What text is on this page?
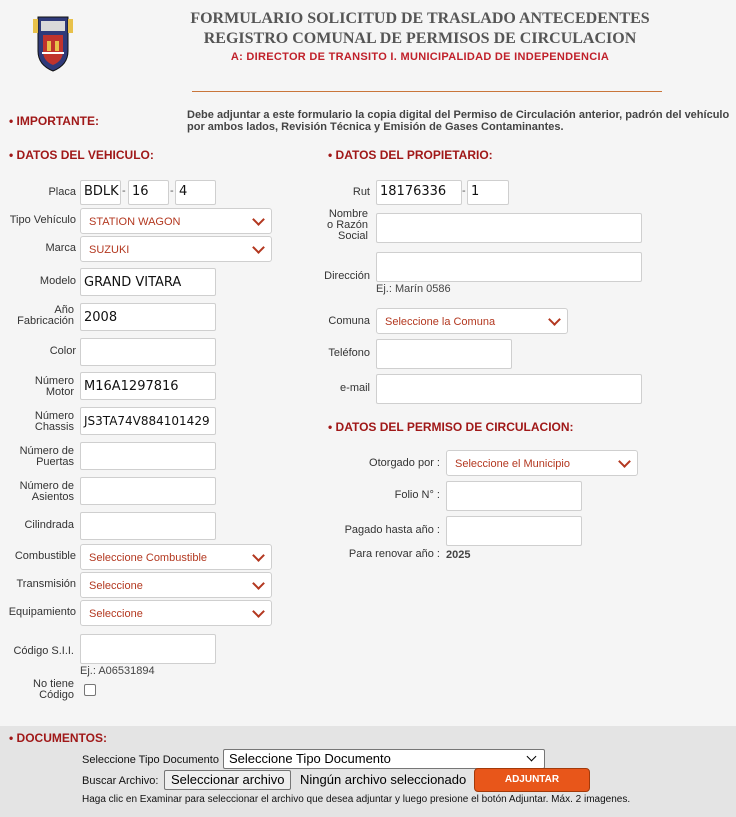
FORMULARIO SOLICITUD DE TRASLADO ANTECEDENTES
REGISTRO COMUNAL DE PERMISOS DE CIRCULACION
A: DIRECTOR DE TRANSITO I. MUNICIPALIDAD DE INDEPENDENCIA
• IMPORTANTE:	Debe adjuntar a este formulario la copia digital del Permiso de Circulación anterior, padrón del vehículo
por ambos lados, Revisión Técnica y Emisión de Gases Contaminantes.
• DATOS DEL VEHICULO:
Placa BDLK - 16	- 4
Tipo Vehículo	STATION WAGON
Marca	SUZUKI
Modelo GRAND VITARA
Año
Fabricación 2008
Color
Número
Motor M16A1297816
Número
Chassis JS3TA74V884101429
Número de
Puertas
Número de
Asientos
Cilindrada
Combustible	Seleccione Combustible
Transmisión	Seleccione
Equipamiento	Seleccione
Código S.I.I.
Ej.: A06531894
No tiene
Código
• DATOS DEL PROPIETARIO:
Rut 18176336	- 1
Nombre
o Razón
Social
Dirección
Ej.: Marín 0586
Comuna	Seleccione la Comuna
Teléfono
e-mail
• DATOS DEL PERMISO DE CIRCULACION:
Otorgado por :	Seleccione el Municipio
Folio N° :
Pagado hasta año :
Para renovar año : 2025
• DOCUMENTOS:
Seleccione Tipo Documento Seleccione Tipo Documento
Buscar Archivo: Seleccionar archivo	Ningún archivo seleccionado	ADJUNTAR
Haga clic en Examinar para seleccionar el archivo que desea adjuntar y luego presione el botón Adjuntar. Máx. 2 imagenes.
